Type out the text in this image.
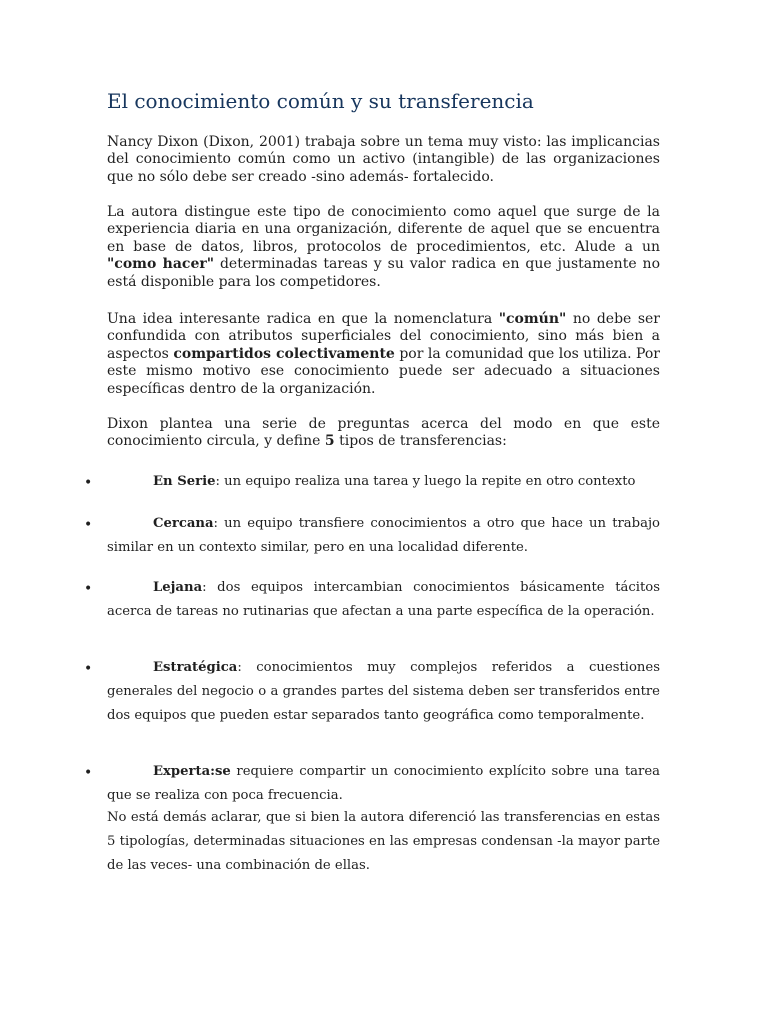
El conocimiento común y su transferencia

Nancy Dixon (Dixon, 2001) trabaja sobre un tema muy visto: las implicancias del conocimiento común como un activo (intangible) de las organizaciones que no sólo debe ser creado -sino además- fortalecido.

La autora distingue este tipo de conocimiento como aquel que surge de la experiencia diaria en una organización, diferente de aquel que se encuentra en base de datos, libros, protocolos de procedimientos, etc. Alude a un "como hacer" determinadas tareas y su valor radica en que justamente no está disponible para los competidores.

Una idea interesante radica en que la nomenclatura "común" no debe ser confundida con atributos superficiales del conocimiento, sino más bien a aspectos compartidos colectivamente por la comunidad que los utiliza. Por este mismo motivo ese conocimiento puede ser adecuado a situaciones específicas dentro de la organización.

Dixon plantea una serie de preguntas acerca del modo en que este conocimiento circula, y define 5 tipos de transferencias:

•	En Serie: un equipo realiza una tarea y luego la repite en otro contexto

•	Cercana: un equipo transfiere conocimientos a otro que hace un trabajo similar en un contexto similar, pero en una localidad diferente.

•	Lejana: dos equipos intercambian conocimientos básicamente tácitos acerca de tareas no rutinarias que afectan a una parte específica de la operación.

•	Estratégica: conocimientos muy complejos referidos a cuestiones generales del negocio o a grandes partes del sistema deben ser transferidos entre dos equipos que pueden estar separados tanto geográfica como temporalmente.

•	Experta:se requiere compartir un conocimiento explícito sobre una tarea que se realiza con poca frecuencia.

No está demás aclarar, que si bien la autora diferenció las transferencias en estas 5 tipologías, determinadas situaciones en las empresas condensan -la mayor parte de las veces- una combinación de ellas.
